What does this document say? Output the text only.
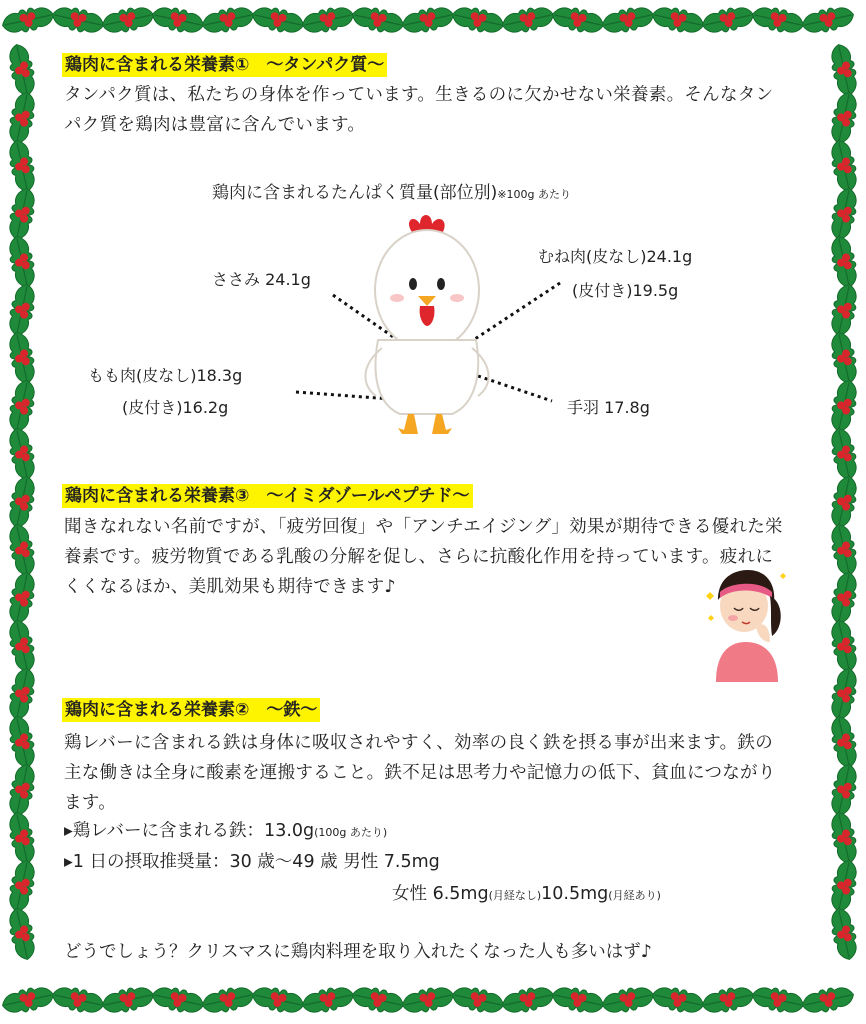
鶏肉に含まれる栄養素①　～タンパク質～
タンパク質は、私たちの身体を作っています。生きるのに欠かせない栄養素。そんなタンパク質を鶏肉は豊富に含んでいます。
鶏肉に含まれるたんぱく質量(部位別)※100g あたり
ささみ 24.1g
むね肉(皮なし)24.1g
(皮付き)19.5g
もも肉(皮なし)18.3g
(皮付き)16.2g	手羽 17.8g
鶏肉に含まれる栄養素③　～イミダゾールペプチド～
聞きなれない名前ですが、「疲労回復」や「アンチエイジング」効果が期待できる優れた栄養素です。疲労物質である乳酸の分解を促し、さらに抗酸化作用を持っています。疲れにくくなるほか、美肌効果も期待できます♪
鶏肉に含まれる栄養素②　～鉄～
鶏レバーに含まれる鉄は身体に吸収されやすく、効率の良く鉄を摂る事が出来ます。鉄の主な働きは全身に酸素を運搬すること。鉄不足は思考力や記憶力の低下、貧血につながります。
▸鶏レバーに含まれる鉄：13.0g(100g あたり)
▸1 日の摂取推奨量：30 歳～49 歳 男性 7.5mg
女性 6.5mg(月経なし)10.5mg(月経あり)
どうでしょう？クリスマスに鶏肉料理を取り入れたくなった人も多いはず♪
